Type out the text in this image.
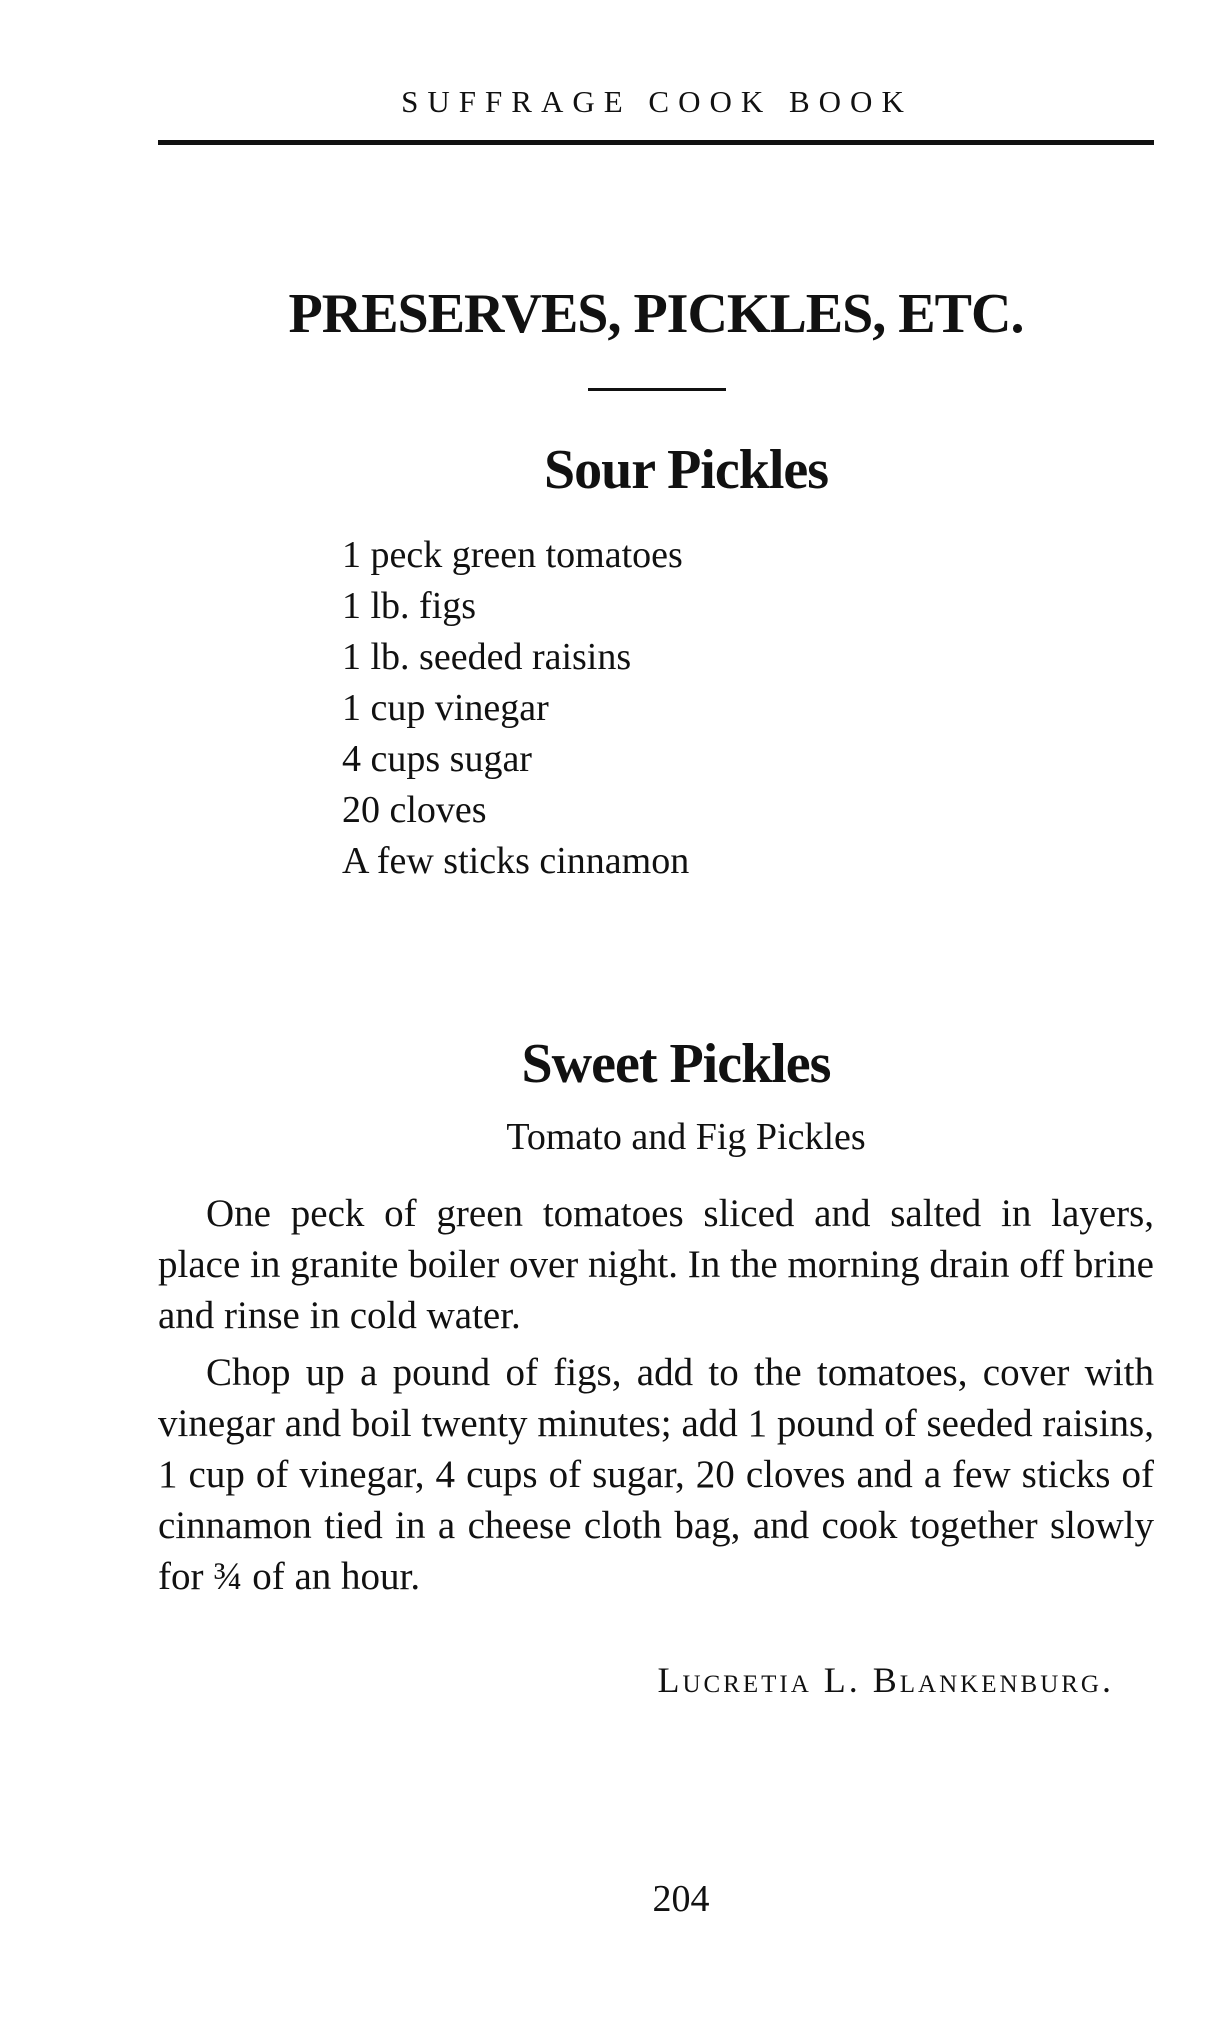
SUFFRAGE COOK BOOK
PRESERVES, PICKLES, ETC.
Sour Pickles
1 peck green tomatoes
1 lb. figs
1 lb. seeded raisins
1 cup vinegar
4 cups sugar
20 cloves
A few sticks cinnamon
Sweet Pickles
Tomato and Fig Pickles

One peck of green tomatoes sliced and salted in layers, place in granite boiler over night. In the morning drain off brine and rinse in cold water.

Chop up a pound of figs, add to the tomatoes, cover with vinegar and boil twenty minutes; add 1 pound of seeded raisins, 1 cup of vinegar, 4 cups of sugar, 20 cloves and a few sticks of cinnamon tied in a cheese cloth bag, and cook together slowly for ¾ of an hour.

Lucretia L. Blankenburg.
204
